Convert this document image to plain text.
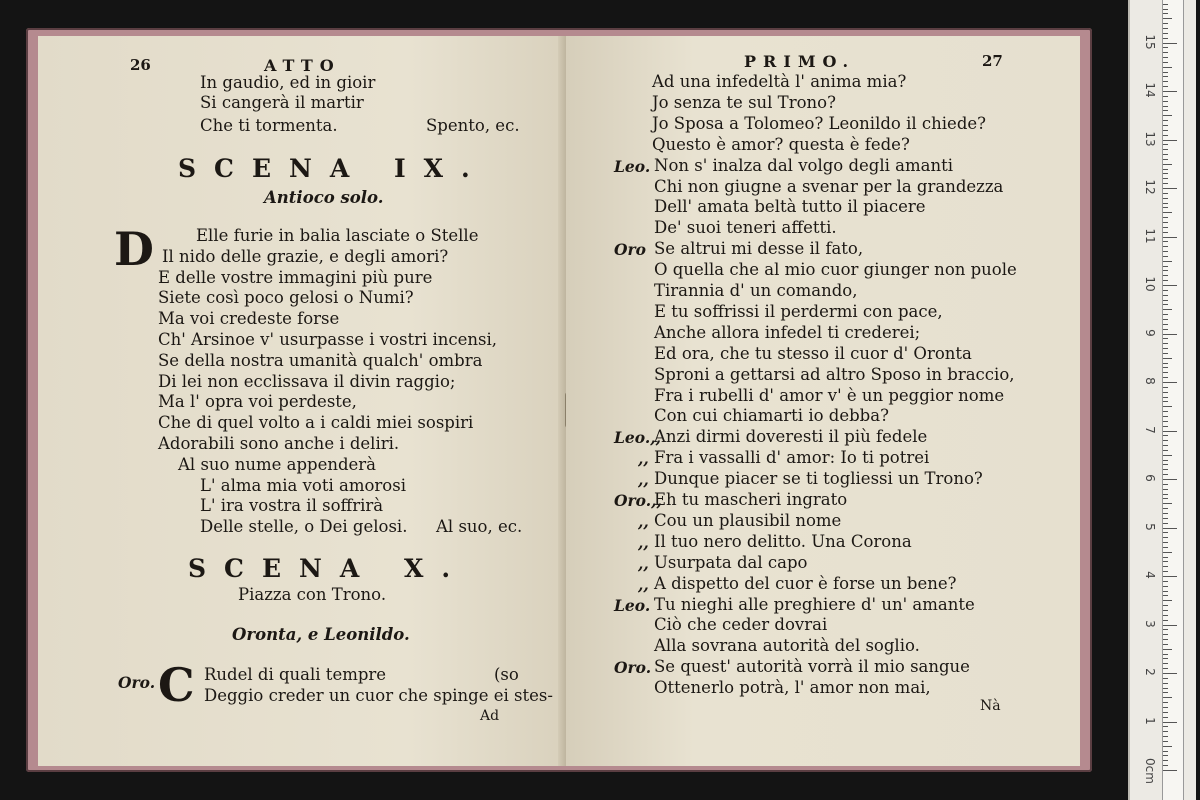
26	ATTO
In gaudio, ed in gioir
Si cangerà il martir
Che ti tormenta.	Spento, ec.
SCENA IX.
Antioco solo.
D	Elle furie in balia lasciate o Stelle
Il nido delle grazie, e degli amori?
E delle vostre immagini più pure
Siete così poco gelosi o Numi?
Ma voi credeste forse
Ch' Arsinoe v' usurpasse i vostri incensi,
Se della nostra umanità qualch' ombra
Di lei non ecclissava il divin raggio;
Ma l' opra voi perdeste,
Che di quel volto a i caldi miei sospiri
Adorabili sono anche i deliri.
Al suo nume appenderà
L' alma mia voti amorosi
L' ira vostra il soffrirà
Delle stelle, o Dei gelosi. Al suo, ec.
SCENA X.
Piazza con Trono.
Oronta, e Leonildo.
Oro. C Rudel di quali tempre	(so
Deggio creder un cuor che spinge ei stes-
Ad
PRIMO.	27
Ad una infedeltà l' anima mia?
Jo senza te sul Trono?
Jo Sposa a Tolomeo? Leonildo il chiede?
Questo è amor? questa è fede?
Leo. Non s' inalza dal volgo degli amanti
Chi non giugne a svenar per la grandezza
Dell' amata beltà tutto il piacere
De' suoi teneri affetti.
Oro Se altrui mi desse il fato,
O quella che al mio cuor giunger non puole
Tirannia d' un comando,
E tu soffrissi il perdermi con pace,
Anche allora infedel ti crederei;
Ed ora, che tu stesso il cuor d' Oronta
Sproni a gettarsi ad altro Sposo in braccio,
Fra i rubelli d' amor v' è un peggior nome
Con cui chiamarti io debba?
Leo.,,
Anzi dirmi doveresti il più fedele
,, Fra i vassalli d' amor: Io ti potrei
,, Dunque piacer se ti togliessi un Trono?
Oro.,,
Eh tu mascheri ingrato
,, Cou un plausibil nome
,, Il tuo nero delitto. Una Corona
,, Usurpata dal capo
,, A dispetto del cuor è forse un bene?
Leo. Tu nieghi alle preghiere d' un' amante
Ciò che ceder dovrai
Alla sovrana autorità del soglio.
Oro. Se quest' autorità vorrà il mio sangue
Ottenerlo potrà, l' amor non mai,
Nà
0cm
1
2
3
4
5
6
7
8
9
10
11
12
13
14
15
